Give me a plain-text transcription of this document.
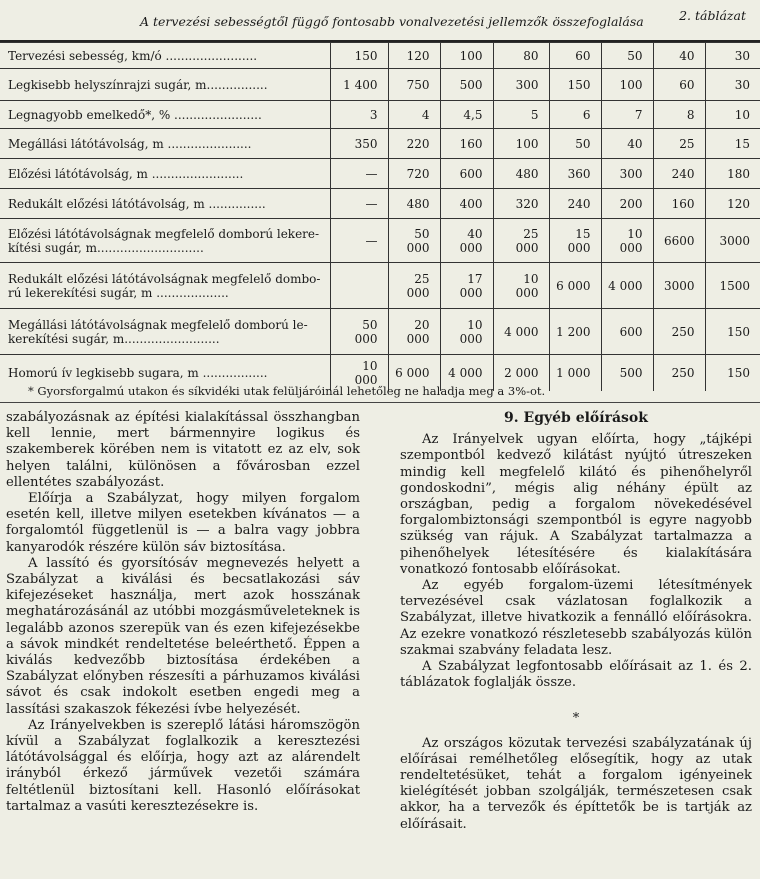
A tervezési sebességtől függő fontosabb vonalvezetési jellemzők összefoglalása	2. táblázat
Tervezési sebesség, km/ó ........................	150	120	100	80	60	50	40	30

Legkisebb helyszínrajzi sugár, m................	1 400	750	500	300	150	100	60	30

Legnagyobb emelkedő*, % .......................	3	4	4,5	5	6	7	8	10

Megállási látótávolság, m ......................	350	220	160	100	50	40	25	15

Előzési látótávolság, m ........................	—	720	600	480	360	300	240	180

Redukált előzési látótávolság, m ...............	—	480	400	320	240	200	160	120

Előzési látótávolságnak megfelelő domború lekere-
kítési sugár, m............................	—	50 000	40 000	25 000	15 000	10 000	6600	3000

Redukált előzési látótávolságnak megfelelő dombo-
rú lekerekítési sugár, m ...................		25 000	17 000	10 000	6 000	4 000	3000	1500

Megállási látótávolságnak megfelelő domború le-
kerekítési sugár, m.........................	50 000	20 000	10 000	4 000	1 200	600	250	150

Homorú ív legkisebb sugara, m .................	10 000	6 000	4 000	2 000	1 000	500	250	150
* Gyorsforgalmú utakon és síkvidéki utak felüljáróinál lehetőleg ne haladja meg a 3%-ot.

szabályozásnak az építési kialakítással összhangban kell lennie, mert bármennyire logikus és szakemberek körében nem is vitatott ez az elv, sok helyen találni, különösen a fővárosban ezzel ellentétes szabályozást.

Előírja a Szabályzat, hogy milyen forgalom esetén kell, illetve milyen esetekben kívánatos — a forgalomtól függetlenül is — a balra vagy jobbra kanyarodók részére külön sáv biztosítása.

A lassító és gyorsítósáv megnevezés helyett a Szabályzat a kiválási és becsatlakozási sáv kifejezéseket használja, mert azok hosszának meghatározásánál az utóbbi mozgásműveleteknek is legalább azonos szerepük van és ezen kifejezésekbe a sávok mindkét rendeltetése beleérthető. Éppen a kiválás kedvezőbb biztosítása érdekében a Szabályzat előnyben részesíti a párhuzamos kiválási sávot és csak indokolt esetben engedi meg a lassítási szakaszok fékezési ívbe helyezését.

Az Irányelvekben is szereplő látási háromszögön kívül a Szabályzat foglalkozik a keresztezési látótávolsággal és előírja, hogy azt az alárendelt irányból érkező járművek vezetői számára feltétlenül biztosítani kell. Hasonló előírásokat tartalmaz a vasúti keresztezésekre is.

9. Egyéb előírások

Az Irányelvek ugyan előírta, hogy „tájképi szempontból kedvező kilátást nyújtó útreszeken mindig kell megfelelő kilátó és pihenőhelyről gondoskodni”, mégis alig néhány épült az országban, pedig a forgalom növekedésével forgalombiztonsági szempontból is egyre nagyobb szükség van rájuk. A Szabályzat tartalmazza a pihenőhelyek létesítésére és kialakítására vonatkozó fontosabb előírásokat.

Az egyéb forgalom-üzemi létesítmények tervezésével csak vázlatosan foglalkozik a Szabályzat, illetve hivatkozik a fennálló előírásokra. Az ezekre vonatkozó részletesebb szabályozás külön szakmai szabvány feladata lesz.

A Szabályzat legfontosabb előírásait az 1. és 2. táblázatok foglalják össze.

*

Az országos közutak tervezési szabályzatának új előírásai remélhetőleg elősegítik, hogy az utak rendeltetésüket, tehát a forgalom igényeinek kielégítését jobban szolgálják, természetesen csak akkor, ha a tervezők és építtetők be is tartják az előírásait.
